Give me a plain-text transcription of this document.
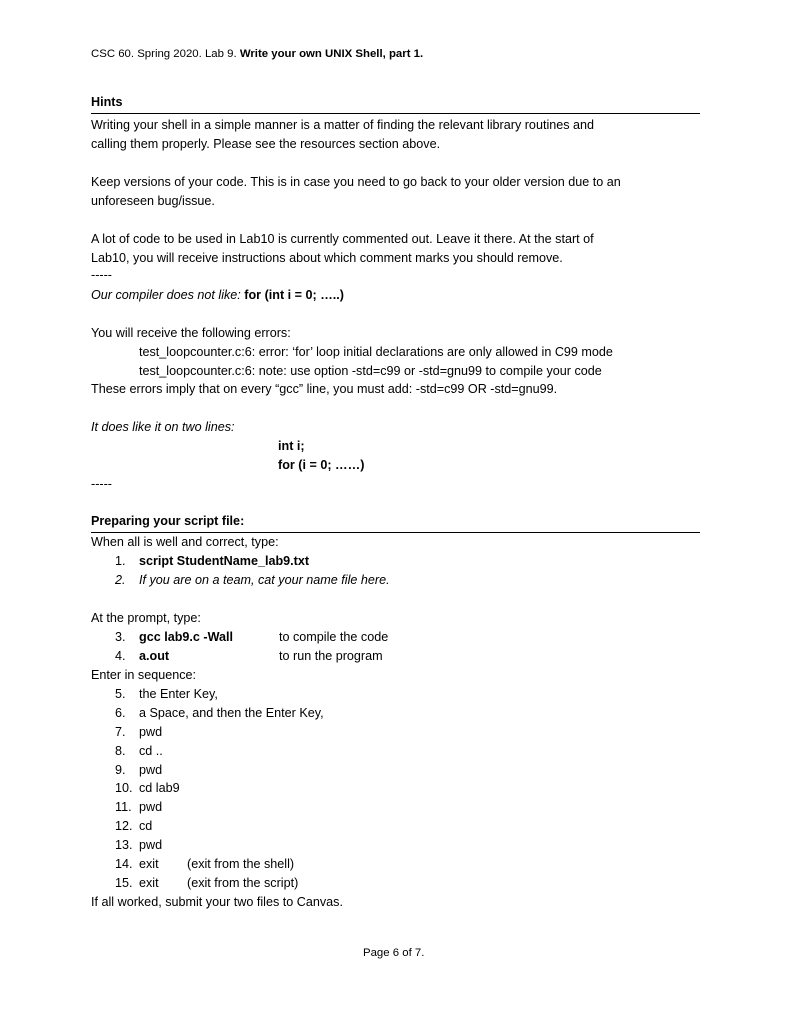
CSC 60. Spring 2020. Lab 9. Write your own UNIX Shell, part 1.
Hints
Writing your shell in a simple manner is a matter of finding the relevant library routines and
calling them properly. Please see the resources section above.
Keep versions of your code. This is in case you need to go back to your older version due to an
unforeseen bug/issue.
A lot of code to be used in Lab10 is currently commented out. Leave it there. At the start of
Lab10, you will receive instructions about which comment marks you should remove.
-----
Our compiler does not like: for (int i = 0; …..)
You will receive the following errors:
test_loopcounter.c:6: error: ‘for’ loop initial declarations are only allowed in C99 mode
test_loopcounter.c:6: note: use option -std=c99 or -std=gnu99 to compile your code
These errors imply that on every “gcc” line, you must add: -std=c99 OR -std=gnu99.
It does like it on two lines:
int i;
for (i = 0; ……)
-----
Preparing your script file:
When all is well and correct, type:
1. script StudentName_lab9.txt
2. If you are on a team, cat your name file here.
At the prompt, type:
3. gcc lab9.c -Wall	to compile the code
4. a.out	to run the program
Enter in sequence:
5. the Enter Key,
6. a Space, and then the Enter Key,
7. pwd
8. cd ..
9. pwd
10. cd lab9
11. pwd
12. cd
13. pwd
14. exit (exit from the shell)
15. exit (exit from the script)
If all worked, submit your two files to Canvas.
Page 6 of 7.
